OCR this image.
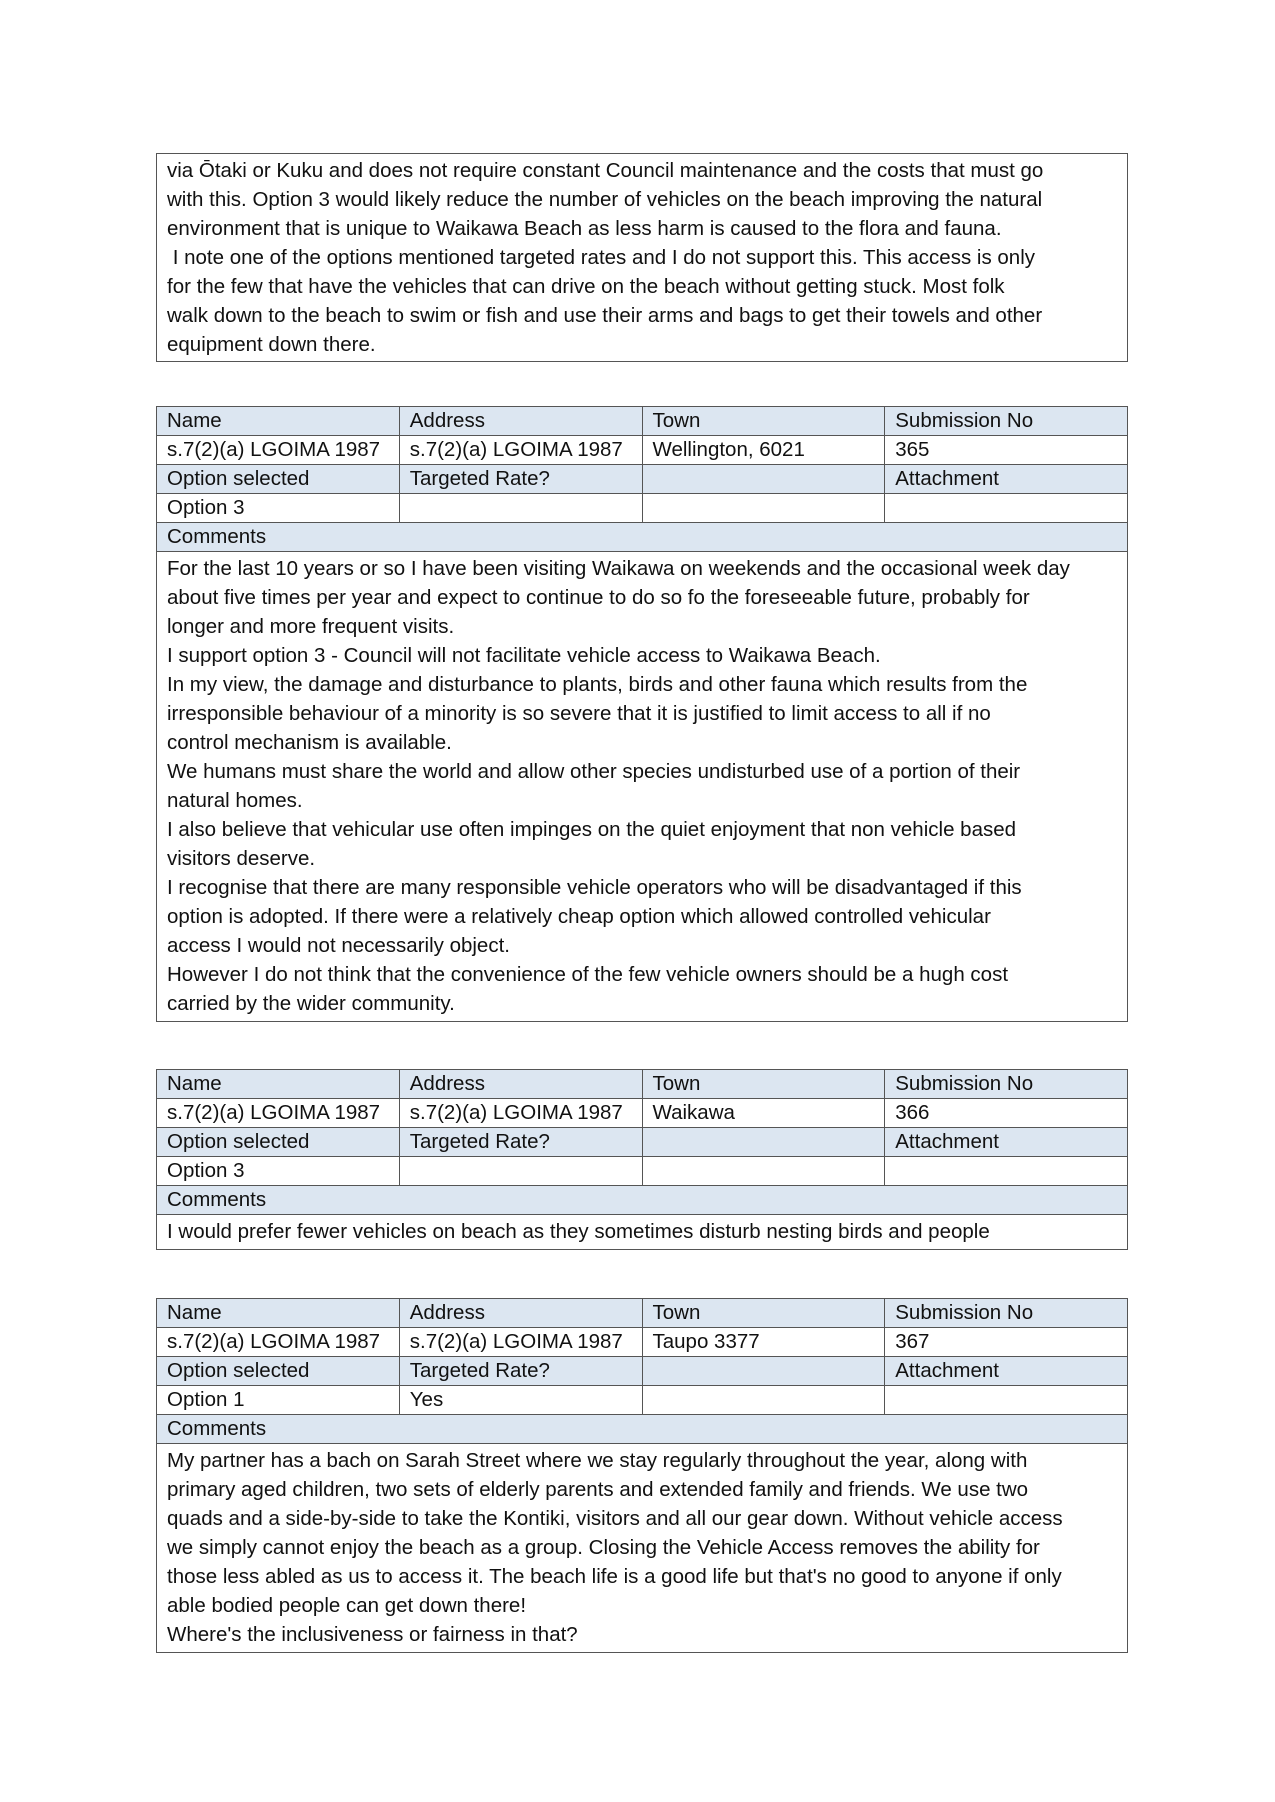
via Ōtaki or Kuku and does not require constant Council maintenance and the costs that must go

with this. Option 3 would likely reduce the number of vehicles on the beach improving the natural

environment that is unique to Waikawa Beach as less harm is caused to the flora and fauna.

I note one of the options mentioned targeted rates and I do not support this. This access is only

for the few that have the vehicles that can drive on the beach without getting stuck. Most folk

walk down to the beach to swim or fish and use their arms and bags to get their towels and other

equipment down there.

Name	Address	Town	Submission No
s.7(2)(a) LGOIMA 1987	s.7(2)(a) LGOIMA 1987	Wellington, 6021	365
Option selected	Targeted Rate?		Attachment
Option 3			
Comments			

For the last 10 years or so I have been visiting Waikawa on weekends and the occasional week day

about five times per year and expect to continue to do so fo the foreseeable future, probably for

longer and more frequent visits.

I support option 3 - Council will not facilitate vehicle access to Waikawa Beach.

In my view, the damage and disturbance to plants, birds and other fauna which results from the

irresponsible behaviour of a minority is so severe that it is justified to limit access to all if no

control mechanism is available.

We humans must share the world and allow other species undisturbed use of a portion of their

natural homes.

I also believe that vehicular use often impinges on the quiet enjoyment that non vehicle based

visitors deserve.

I recognise that there are many responsible vehicle operators who will be disadvantaged if this

option is adopted. If there were a relatively cheap option which allowed controlled vehicular

access I would not necessarily object.

However I do not think that the convenience of the few vehicle owners should be a hugh cost

carried by the wider community.

Name	Address	Town	Submission No
s.7(2)(a) LGOIMA 1987	s.7(2)(a) LGOIMA 1987	Waikawa	366
Option selected	Targeted Rate?		Attachment
Option 3			
Comments			

I would prefer fewer vehicles on beach as they sometimes disturb nesting birds and people

Name	Address	Town	Submission No
s.7(2)(a) LGOIMA 1987	s.7(2)(a) LGOIMA 1987	Taupo 3377	367
Option selected	Targeted Rate?		Attachment
Option 1	Yes		
Comments			

My partner has a bach on Sarah Street where we stay regularly throughout the year, along with

primary aged children, two sets of elderly parents and extended family and friends. We use two

quads and a side-by-side to take the Kontiki, visitors and all our gear down. Without vehicle access

we simply cannot enjoy the beach as a group. Closing the Vehicle Access removes the ability for

those less abled as us to access it. The beach life is a good life but that's no good to anyone if only

able bodied people can get down there!

Where's the inclusiveness or fairness in that?
